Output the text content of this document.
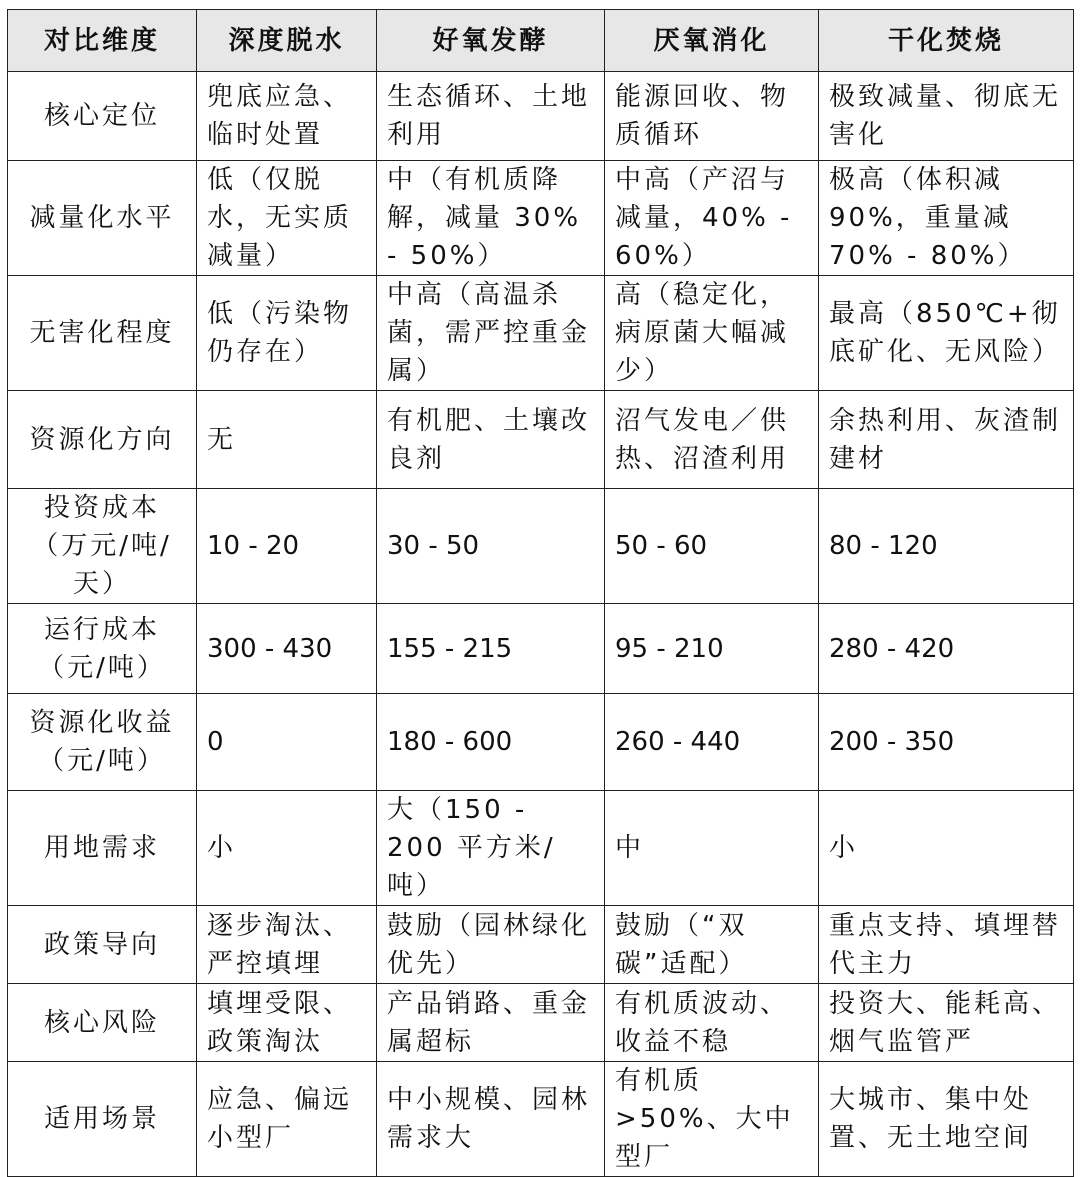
对比维度	深度脱水	好氧发酵	厌氧消化	干化焚烧
核心定位	兜底应急、临时处置	生态循环、土地利用	能源回收、物质循环	极致减量、彻底无害化
减量化水平	低（仅脱水，无实质减量）	中（有机质降解，减量 30% - 50%）	中高（产沼与减量，40% - 60%）	极高（体积减 90%，重量减 70% - 80%）
无害化程度	低（污染物仍存在）	中高（高温杀菌，需严控重金属）	高（稳定化，病原菌大幅减少）	最高（850℃+彻底矿化、无风险）
资源化方向	无	有机肥、土壤改良剂	沼气发电／供热、沼渣利用	余热利用、灰渣制建材
投资成本（万元/吨/天）	10 - 20	30 - 50	50 - 60	80 - 120
运行成本（元/吨）	300 - 430	155 - 215	95 - 210	280 - 420
资源化收益（元/吨）	0	180 - 600	260 - 440	200 - 350
用地需求	小	大（150 - 200 平方米/吨）	中	小
政策导向	逐步淘汰、严控填埋	鼓励（园林绿化优先）	鼓励（“双碳”适配）	重点支持、填埋替代主力
核心风险	填埋受限、政策淘汰	产品销路、重金属超标	有机质波动、收益不稳	投资大、能耗高、烟气监管严
适用场景	应急、偏远小型厂	中小规模、园林需求大	有机质>50%、大中型厂	大城市、集中处置、无土地空间
